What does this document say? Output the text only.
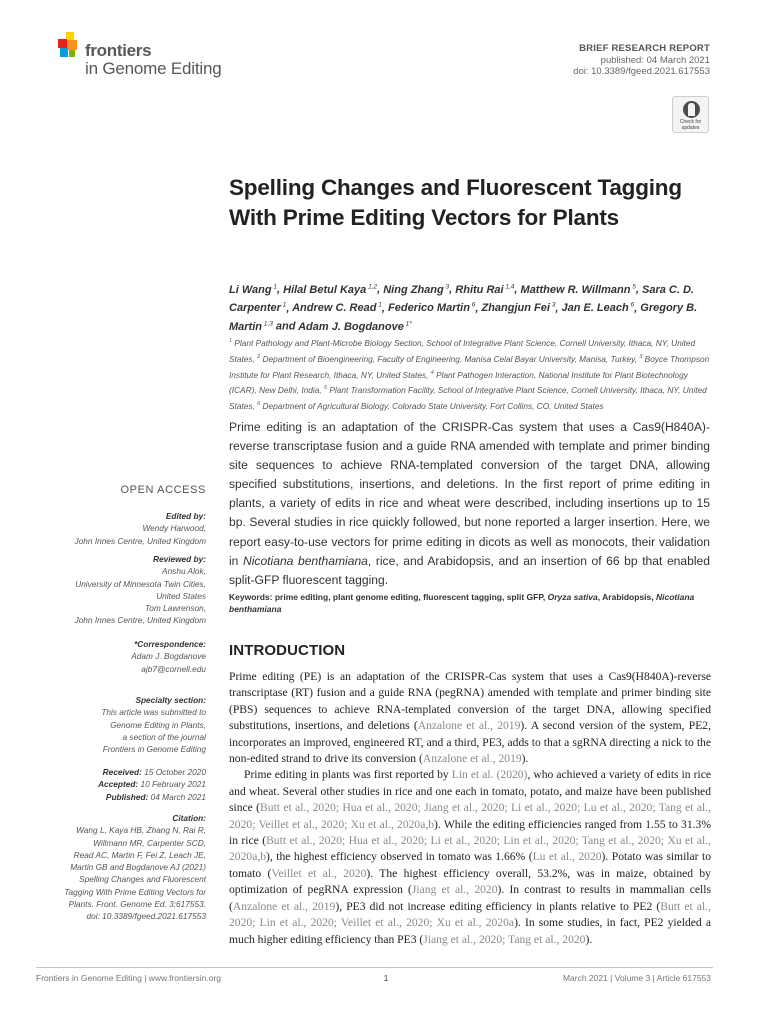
frontiers
in Genome Editing
BRIEF RESEARCH REPORT
published: 04 March 2021
doi: 10.3389/fgeed.2021.617553
Check for updates
Spelling Changes and Fluorescent Tagging With Prime Editing Vectors for Plants
Li Wang $^1$, Hilal Betul Kaya $^{1,2}$, Ning Zhang $^3$, Rhitu Rai $^{1,4}$, Matthew R. Willmann $^5$, Sara C. D. Carpenter $^1$, Andrew C. Read $^1$, Federico Martin $^6$, Zhangjun Fei $^3$, Jan E. Leach $^6$, Gregory B. Martin $^{1,3}$ and Adam J. Bogdanove $^{1*}$
$^1$ Plant Pathology and Plant-Microbe Biology Section, School of Integrative Plant Science, Cornell University, Ithaca, NY, United States, $^2$ Department of Bioengineering, Faculty of Engineering, Manisa Celal Bayar University, Manisa, Turkey, $^3$ Boyce Thompson Institute for Plant Research, Ithaca, NY, United States, $^4$ Plant Pathogen Interaction, National Institute for Plant Biotechnology (ICAR), New Delhi, India, $^5$ Plant Transformation Facility, School of Integrative Plant Science, Cornell University, Ithaca, NY, United States, $^6$ Department of Agricultural Biology, Colorado State University, Fort Collins, CO, United States
Prime editing is an adaptation of the CRISPR-Cas system that uses a Cas9(H840A)-reverse transcriptase fusion and a guide RNA amended with template and primer binding site sequences to achieve RNA-templated conversion of the target DNA, allowing specified substitutions, insertions, and deletions. In the first report of prime editing in plants, a variety of edits in rice and wheat were described, including insertions up to 15 bp. Several studies in rice quickly followed, but none reported a larger insertion. Here, we report easy-to-use vectors for prime editing in dicots as well as monocots, their validation in Nicotiana benthamiana, rice, and Arabidopsis, and an insertion of 66 bp that enabled split-GFP fluorescent tagging.
Keywords: prime editing, plant genome editing, fluorescent tagging, split GFP, Oryza sativa, Arabidopsis, Nicotiana benthamiana
INTRODUCTION

Prime editing (PE) is an adaptation of the CRISPR-Cas system that uses a Cas9(H840A)-reverse transcriptase (RT) fusion and a guide RNA (pegRNA) amended with template and primer binding site (PBS) sequences to achieve RNA-templated conversion of the target DNA, allowing specified substitutions, insertions, and deletions (Anzalone et al., 2019). A second version of the system, PE2, incorporates an improved, engineered RT, and a third, PE3, adds to that a sgRNA directing a nick to the non-edited strand to drive its conversion (Anzalone et al., 2019).

Prime editing in plants was first reported by Lin et al. (2020), who achieved a variety of edits in rice and wheat. Several other studies in rice and one each in tomato, potato, and maize have been published since (Butt et al., 2020; Hua et al., 2020; Jiang et al., 2020; Li et al., 2020; Lu et al., 2020; Tang et al., 2020; Veillet et al., 2020; Xu et al., 2020a,b). While the editing efficiencies ranged from 1.55 to 31.3% in rice (Butt et al., 2020; Hua et al., 2020; Li et al., 2020; Lin et al., 2020; Tang et al., 2020; Xu et al., 2020a,b), the highest efficiency observed in tomato was 1.66% (Lu et al., 2020). Potato was similar to tomato (Veillet et al., 2020). The highest efficiency overall, 53.2%, was in maize, obtained by optimization of pegRNA expression (Jiang et al., 2020). In contrast to results in mammalian cells (Anzalone et al., 2019), PE3 did not increase editing efficiency in plants relative to PE2 (Butt et al., 2020; Lin et al., 2020; Veillet et al., 2020; Xu et al., 2020a). In some studies, in fact, PE2 yielded a much higher editing efficiency than PE3 (Jiang et al., 2020; Tang et al., 2020).

OPEN ACCESS
Edited by:
Wendy Harwood,
John Innes Centre, United Kingdom
Reviewed by:
Anshu Alok,
University of Minnesota Twin Cities,
United States
Tom Lawrenson,
John Innes Centre, United Kingdom
*Correspondence:
Adam J. Bogdanove
ajb7@cornell.edu
Specialty section:
This article was submitted to
Genome Editing in Plants,
a section of the journal
Frontiers in Genome Editing
Received: 15 October 2020
Accepted: 10 February 2021
Published: 04 March 2021
Citation:
Wang L, Kaya HB, Zhang N, Rai R,
Willmann MR, Carpenter SCD,
Read AC, Martin F, Fei Z, Leach JE,
Martin GB and Bogdanove AJ (2021)
Spelling Changes and Fluorescent
Tagging With Prime Editing Vectors for
Plants. Front. Genome Ed. 3:617553.
doi: 10.3389/fgeed.2021.617553
Frontiers in Genome Editing | www.frontiersin.org	1	March 2021 | Volume 3 | Article 617553
